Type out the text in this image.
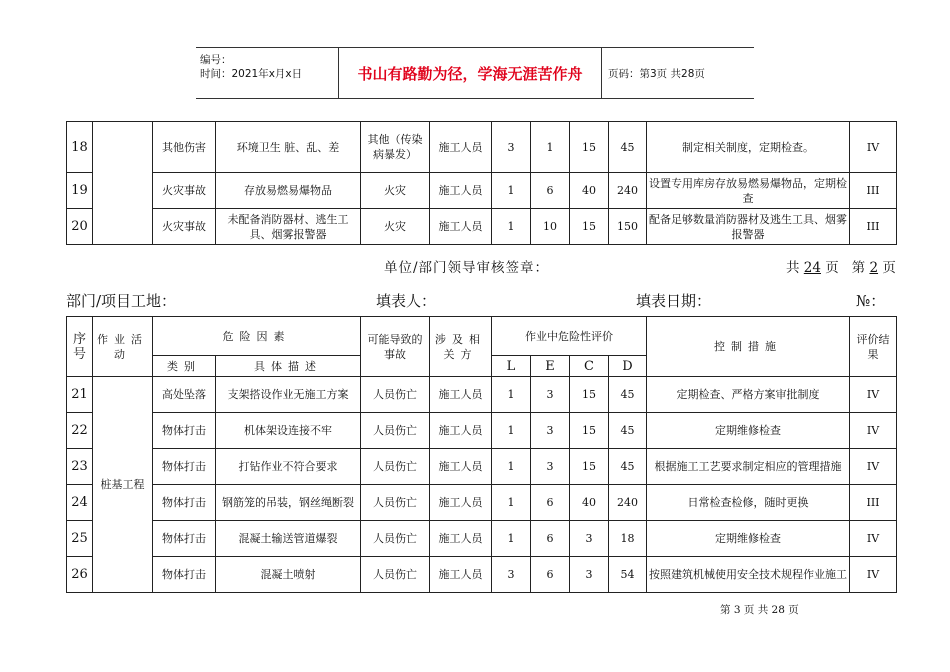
编号：
时间：2021年x月x日	书山有路勤为径，学海无涯苦作舟	页码：第3页 共28页
18		其他伤害	环境卫生 脏、乱、差	其他（传染病暴发）	施工人员	3	1	15	45	制定相关制度，定期检查。	IV
19		火灾事故	存放易燃易爆物品	火灾	施工人员	1	6	40	240	设置专用库房存放易燃易爆物品，定期检查	III
20		火灾事故	未配备消防器材、逃生工具、烟雾报警器	火灾	施工人员	1	10	15	150	配备足够数量消防器材及逃生工具、烟雾报警器	III
单位/部门领导审核签章：	共 24 页 第 2 页
部门/项目工地：	填表人：	填表日期：	№：
序号	作业活动	危险因素		可能导致的事故	涉及相关方	作业中危险性评价				控制措施	评价结果
		类别	具体描述			L	E	C	D		
21	桩基工程	高处坠落	支架搭设作业无施工方案	人员伤亡	施工人员	1	3	15	45	定期检查、严格方案审批制度	IV
22		物体打击	机体架设连接不牢	人员伤亡	施工人员	1	3	15	45	定期维修检查	IV
23		物体打击	打钻作业不符合要求	人员伤亡	施工人员	1	3	15	45	根据施工工艺要求制定相应的管理措施	IV
24		物体打击	钢筋笼的吊装，钢丝绳断裂	人员伤亡	施工人员	1	6	40	240	日常检查检修，随时更换	III
25		物体打击	混凝土输送管道爆裂	人员伤亡	施工人员	1	6	3	18	定期维修检查	IV
26		物体打击	混凝土喷射	人员伤亡	施工人员	3	6	3	54	按照建筑机械使用安全技术规程作业施工	IV
第 3 页 共 28 页
